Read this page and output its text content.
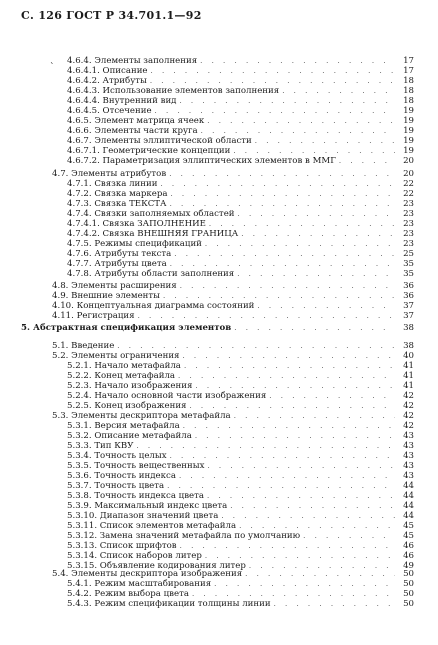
С. 126 ГОСТ Р 34.701.1—92
ˋ
4.6.4. Элементы заполнения . . .	17
4.6.4.1. Описание . . .	17
4.6.4.2. Атрибуты . . .	18
4.6.4.3. Использование элементов заполнения . . .	18
4.6.4.4. Внутренний вид . . .	18
4.6.4.5. Отсечение . . .	19
4.6.5. Элемент матрица ячеек . . .	19
4.6.6. Элементы части круга . . .	19
4.6.7. Элементы эллиптической области . . .	19
4.6.7.1. Геометрические концепции . . .	19
4.6.7.2. Параметризация эллиптических элементов в ММГ . . .	20
4.7. Элементы атрибутов . . .	20
4.7.1. Связка линии . . .	22
4.7.2. Связка маркера . . .	22
4.7.3. Связка ТЕКСТА . . .	23
4.7.4. Связки заполняемых областей . . .	23
4.7.4.1. Связка ЗАПОЛНЕНИЕ . . .	23
4.7.4.2. Связка ВНЕШНЯЯ ГРАНИЦА . . .	23
4.7.5. Режимы спецификаций . . .	23
4.7.6. Атрибуты текста . . .	25
4.7.7. Атрибуты цвета . . .	35
4.7.8. Атрибуты области заполнения . . .	35
4.8. Элементы расширения . . .	36
4.9. Внешние элементы . . .	36
4.10. Концептуальная диаграмма состояний . . .	37
4.11. Регистрация . . .	37
5. Абстрактная спецификация элементов . . .	38
5.1. Введение . . .	38
5.2. Элементы ограничения . . .	40
5.2.1. Начало метафайла . . .	41
5.2.2. Конец метафайла . . .	41
5.2.3. Начало изображения . . .	41
5.2.4. Начало основной части изображения . . .	42
5.2.5. Конец изображения . . .	42
5.3. Элементы дескриптора метафайла . . .	42
5.3.1. Версия метафайла . . .	42
5.3.2. Описание метафайла . . .	43
5.3.3. Тип КВУ . . .	43
5.3.4. Точность целых . . .	43
5.3.5. Точность вещественных . . .	43
5.3.6. Точность индекса . . .	43
5.3.7. Точность цвета . . .	44
5.3.8. Точность индекса цвета . . .	44
5.3.9. Максимальный индекс цвета . . .	44
5.3.10. Диапазон значений цвета . . .	44
5.3.11. Список элементов метафайла . . .	45
5.3.12. Замена значений метафайла по умолчанию . . .	45
5.3.13. Список шрифтов . . .	46
5.3.14. Список наборов литер . . .	46
5.3.15. Объявление кодирования литер . . .	49
5.4. Элементы дескриптора изображения . . .	50
5.4.1. Режим масштабирования . . .	50
5.4.2. Режим выбора цвета . . .	50
5.4.3. Режим спецификации толщины линии . . .	50
